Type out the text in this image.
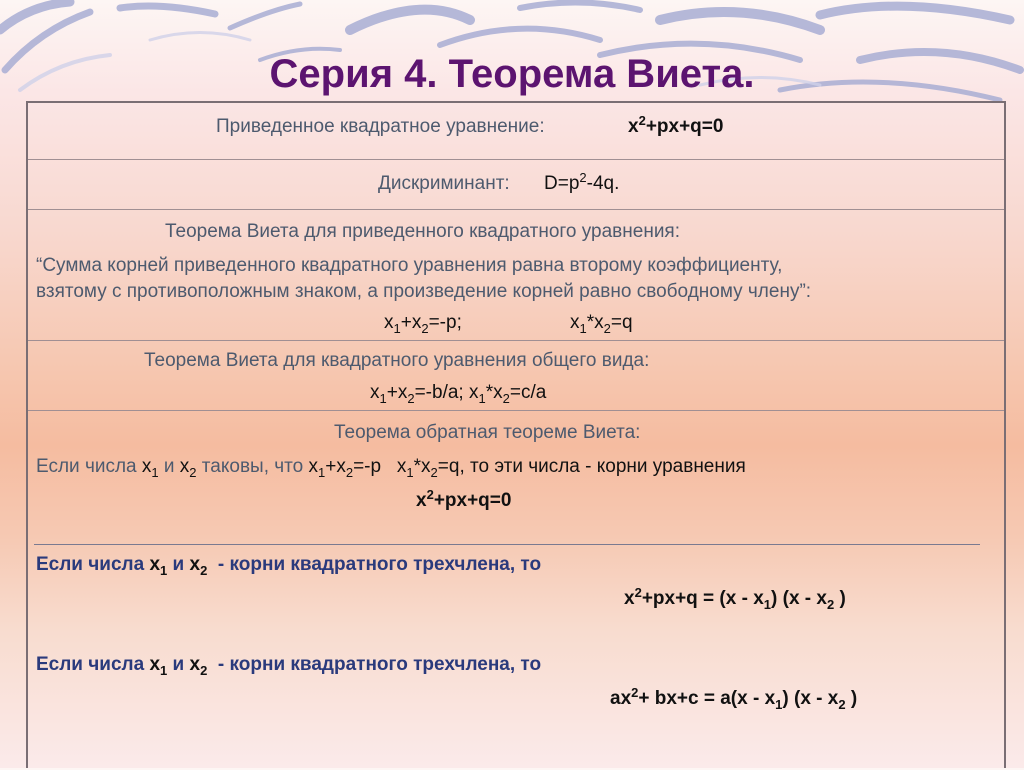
Серия 4. Теорема Виета.
Приведенное квадратное уравнение:	$x^2+px+q=0$
Дискриминант: $D=p^2-4q$.
Теорема Виета для приведенного квадратного уравнения:
“Сумма корней приведенного квадратного уравнения равна второму коэффициенту,
взятому с противоположным знаком, а произведение корней равно свободному члену”:
$x_1+x_2=-p$;	$x_1*x_2=q$
Теорема Виета для квадратного уравнения общего вида:
$x_1+x_2=-b/a$; $x_1*x_2=c/a$
Теорема обратная теореме Виета:
Если числа $x_1$ и $x_2$ таковы, что $x_1+x_2=-p$   $x_1*x_2=q$, то эти числа - корни уравнения
$x^2+px+q=0$
Если числа $x_1$ и $x_2$  - корни квадратного трехчлена, то
$x^2+px+q = (x - x_1)$ ($x - x_2$ )
Если числа $x_1$ и $x_2$  - корни квадратного трехчлена, то
$ax^2+ bx+c = a(x - x_1)$ ($x - x_2$ )
